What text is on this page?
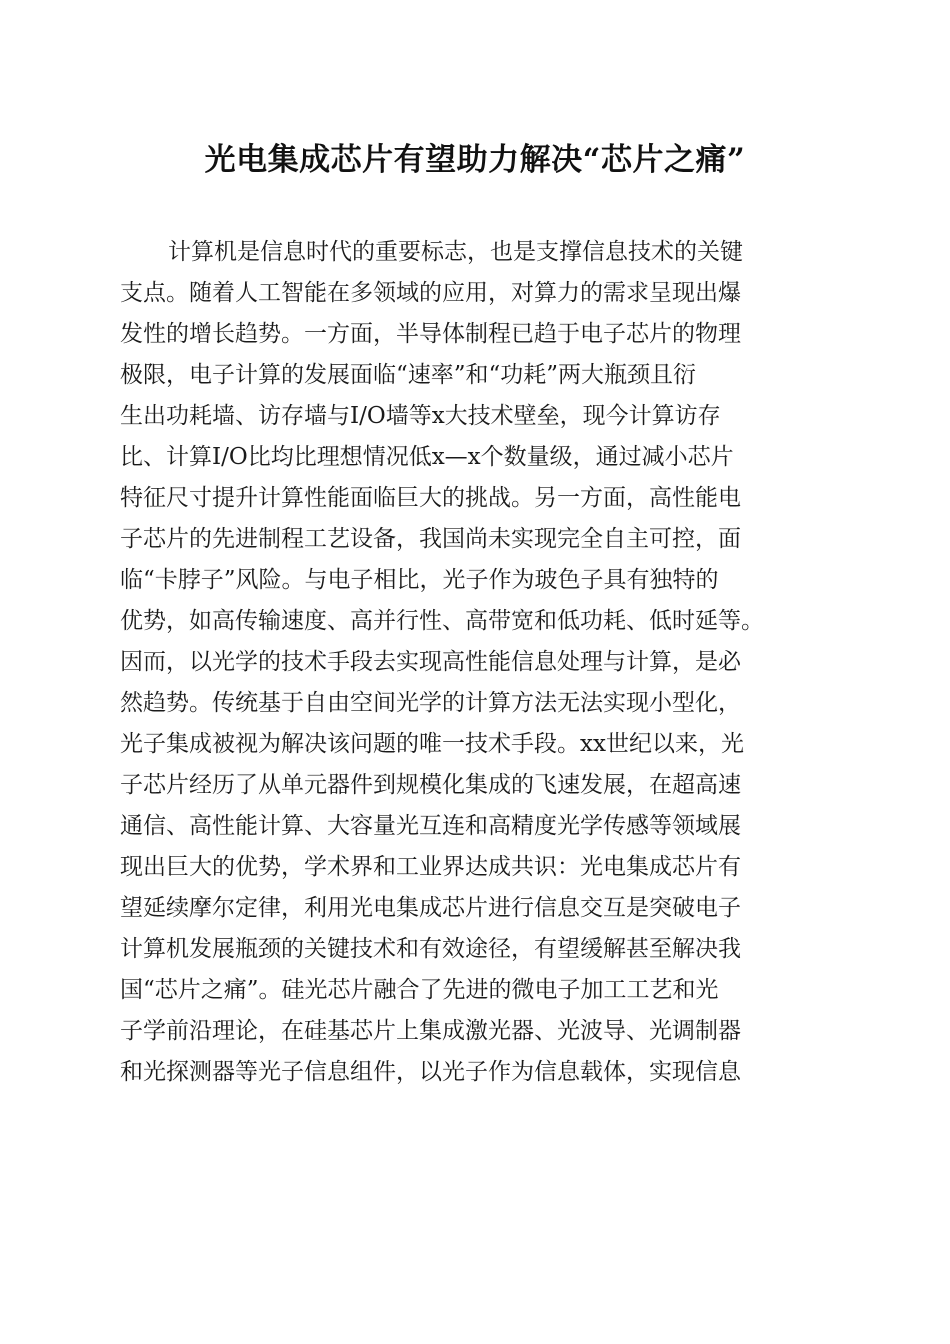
光电集成芯片有望助力解决“芯片之痛”
计算机是信息时代的重要标志，也是支撑信息技术的关键
支点。随着人工智能在多领域的应用，对算力的需求呈现出爆
发性的增长趋势。一方面，半导体制程已趋于电子芯片的物理
极限，电子计算的发展面临“速率”和“功耗”两大瓶颈且衍
生出功耗墙、访存墙与I/O墙等x大技术壁垒，现今计算访存
比、计算I/O比均比理想情况低x—x个数量级，通过减小芯片
特征尺寸提升计算性能面临巨大的挑战。另一方面，高性能电
子芯片的先进制程工艺设备，我国尚未实现完全自主可控，面
临“卡脖子”风险。与电子相比，光子作为玻色子具有独特的
优势，如高传输速度、高并行性、高带宽和低功耗、低时延等。
因而，以光学的技术手段去实现高性能信息处理与计算，是必
然趋势。传统基于自由空间光学的计算方法无法实现小型化，
光子集成被视为解决该问题的唯一技术手段。xx世纪以来，光
子芯片经历了从单元器件到规模化集成的飞速发展，在超高速
通信、高性能计算、大容量光互连和高精度光学传感等领域展
现出巨大的优势，学术界和工业界达成共识：光电集成芯片有
望延续摩尔定律，利用光电集成芯片进行信息交互是突破电子
计算机发展瓶颈的关键技术和有效途径，有望缓解甚至解决我
国“芯片之痛”。硅光芯片融合了先进的微电子加工工艺和光
子学前沿理论，在硅基芯片上集成激光器、光波导、光调制器
和光探测器等光子信息组件，以光子作为信息载体，实现信息
